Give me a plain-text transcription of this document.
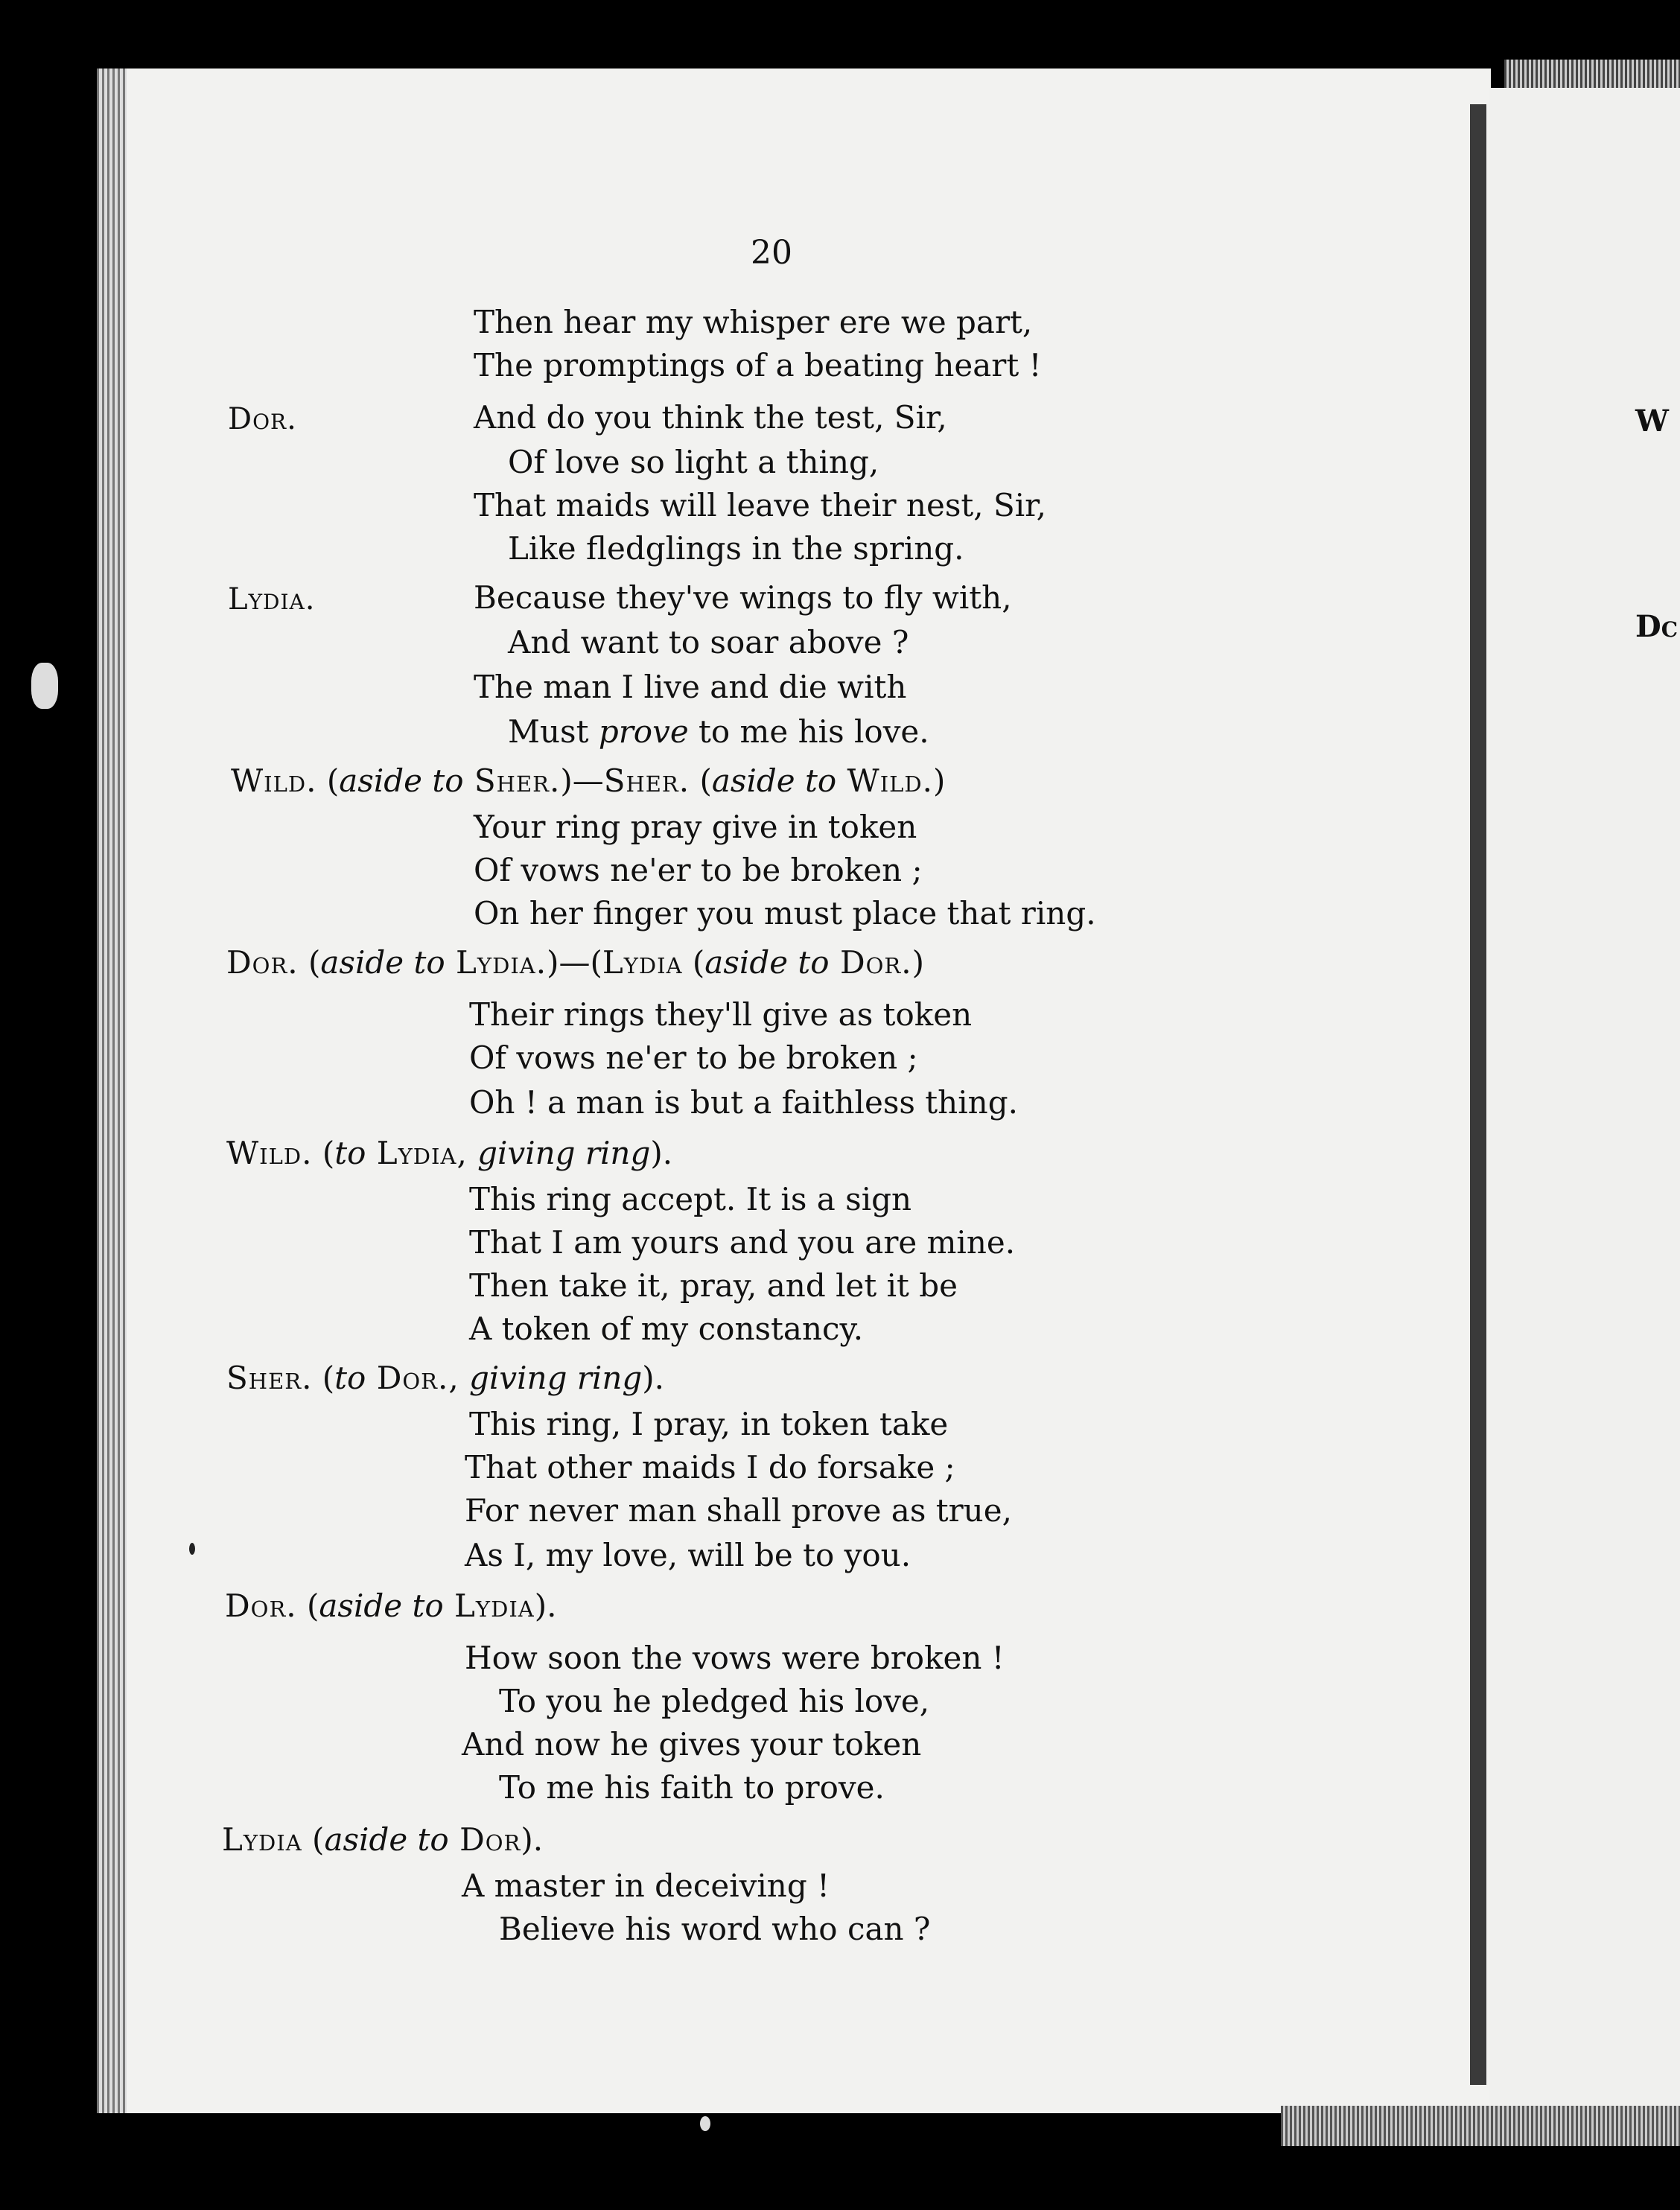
W
Dc
20
Then hear my whisper ere we part,
The promptings of a beating heart !
Dor.	And do you think the test, Sir,
Of love so light a thing,
That maids will leave their nest, Sir,
Like fledglings in the spring.
Lydia.	Because they've wings to fly with,
And want to soar above ?
The man I live and die with
Must prove to me his love.
Wild. (aside to Sher.)—Sher. (aside to Wild.)
Your ring pray give in token
Of vows ne'er to be broken ;
On her finger you must place that ring.
Dor. (aside to Lydia.)—(Lydia (aside to Dor.)
Their rings they'll give as token
Of vows ne'er to be broken ;
Oh ! a man is but a faithless thing.
Wild. (to Lydia, giving ring).
This ring accept. It is a sign
That I am yours and you are mine.
Then take it, pray, and let it be
A token of my constancy.
Sher. (to Dor., giving ring).
This ring, I pray, in token take
That other maids I do forsake ;
For never man shall prove as true,
As I, my love, will be to you.
Dor. (aside to Lydia).
How soon the vows were broken !
To you he pledged his love,
And now he gives your token
To me his faith to prove.
Lydia (aside to Dor).
A master in deceiving !
Believe his word who can ?
